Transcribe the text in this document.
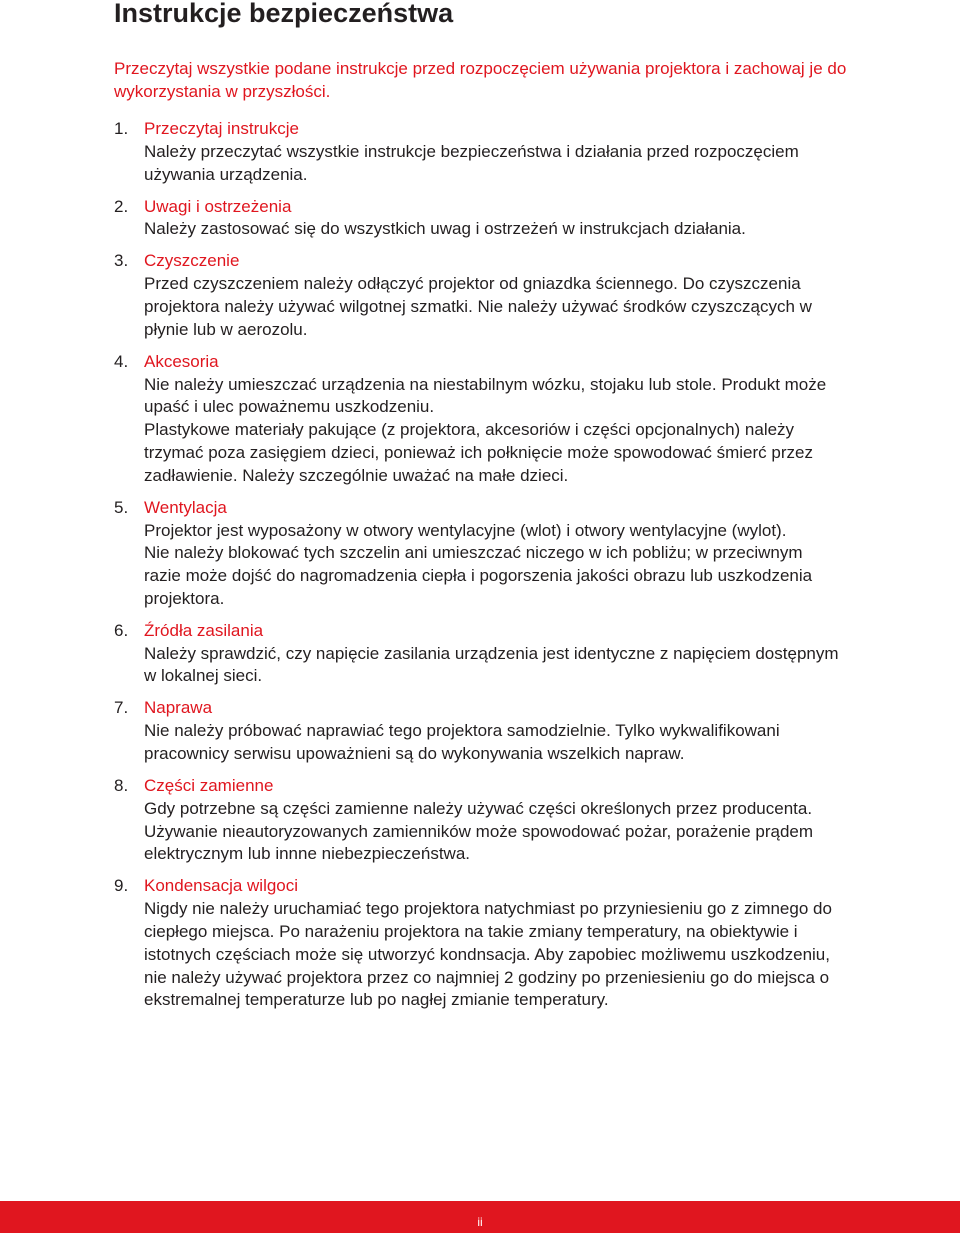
Instrukcje bezpieczeństwa

Przeczytaj wszystkie podane instrukcje przed rozpoczęciem używania projektora i zachowaj je do wykorzystania w przyszłości.

1. Przeczytaj instrukcje
Należy przeczytać wszystkie instrukcje bezpieczeństwa i działania przed rozpoczęciem używania urządzenia.
2. Uwagi i ostrzeżenia
Należy zastosować się do wszystkich uwag i ostrzeżeń w instrukcjach działania.
3. Czyszczenie
Przed czyszczeniem należy odłączyć projektor od gniazdka ściennego. Do czyszczenia projektora należy używać wilgotnej szmatki. Nie należy używać środków czyszczących w płynie lub w aerozolu.
4. Akcesoria
Nie należy umieszczać urządzenia na niestabilnym wózku, stojaku lub stole. Produkt może upaść i ulec poważnemu uszkodzeniu.
Plastykowe materiały pakujące (z projektora, akcesoriów i części opcjonalnych) należy trzymać poza zasięgiem dzieci, ponieważ ich połknięcie może spowodować śmierć przez zadławienie. Należy szczególnie uważać na małe dzieci.
5. Wentylacja
Projektor jest wyposażony w otwory wentylacyjne (wlot) i otwory wentylacyjne (wylot).
Nie należy blokować tych szczelin ani umieszczać niczego w ich pobliżu; w przeciwnym razie może dojść do nagromadzenia ciepła i pogorszenia jakości obrazu lub uszkodzenia projektora.
6. Źródła zasilania
Należy sprawdzić, czy napięcie zasilania urządzenia jest identyczne z napięciem dostępnym w lokalnej sieci.
7. Naprawa
Nie należy próbować naprawiać tego projektora samodzielnie. Tylko wykwalifikowani pracownicy serwisu upoważnieni są do wykonywania wszelkich napraw.
8. Części zamienne
Gdy potrzebne są części zamienne należy używać części określonych przez producenta. Używanie nieautoryzowanych zamienników może spowodować pożar, porażenie prądem elektrycznym lub innne niebezpieczeństwa.
9. Kondensacja wilgoci
Nigdy nie należy uruchamiać tego projektora natychmiast po przyniesieniu go z zimnego do ciepłego miejsca. Po narażeniu projektora na takie zmiany temperatury, na obiektywie i istotnych częściach może się utworzyć kondnsacja. Aby zapobiec możliwemu uszkodzeniu, nie należy używać projektora przez co najmniej 2 godziny po przeniesieniu go do miejsca o ekstremalnej temperaturze lub po nagłej zmianie temperatury.
ii
